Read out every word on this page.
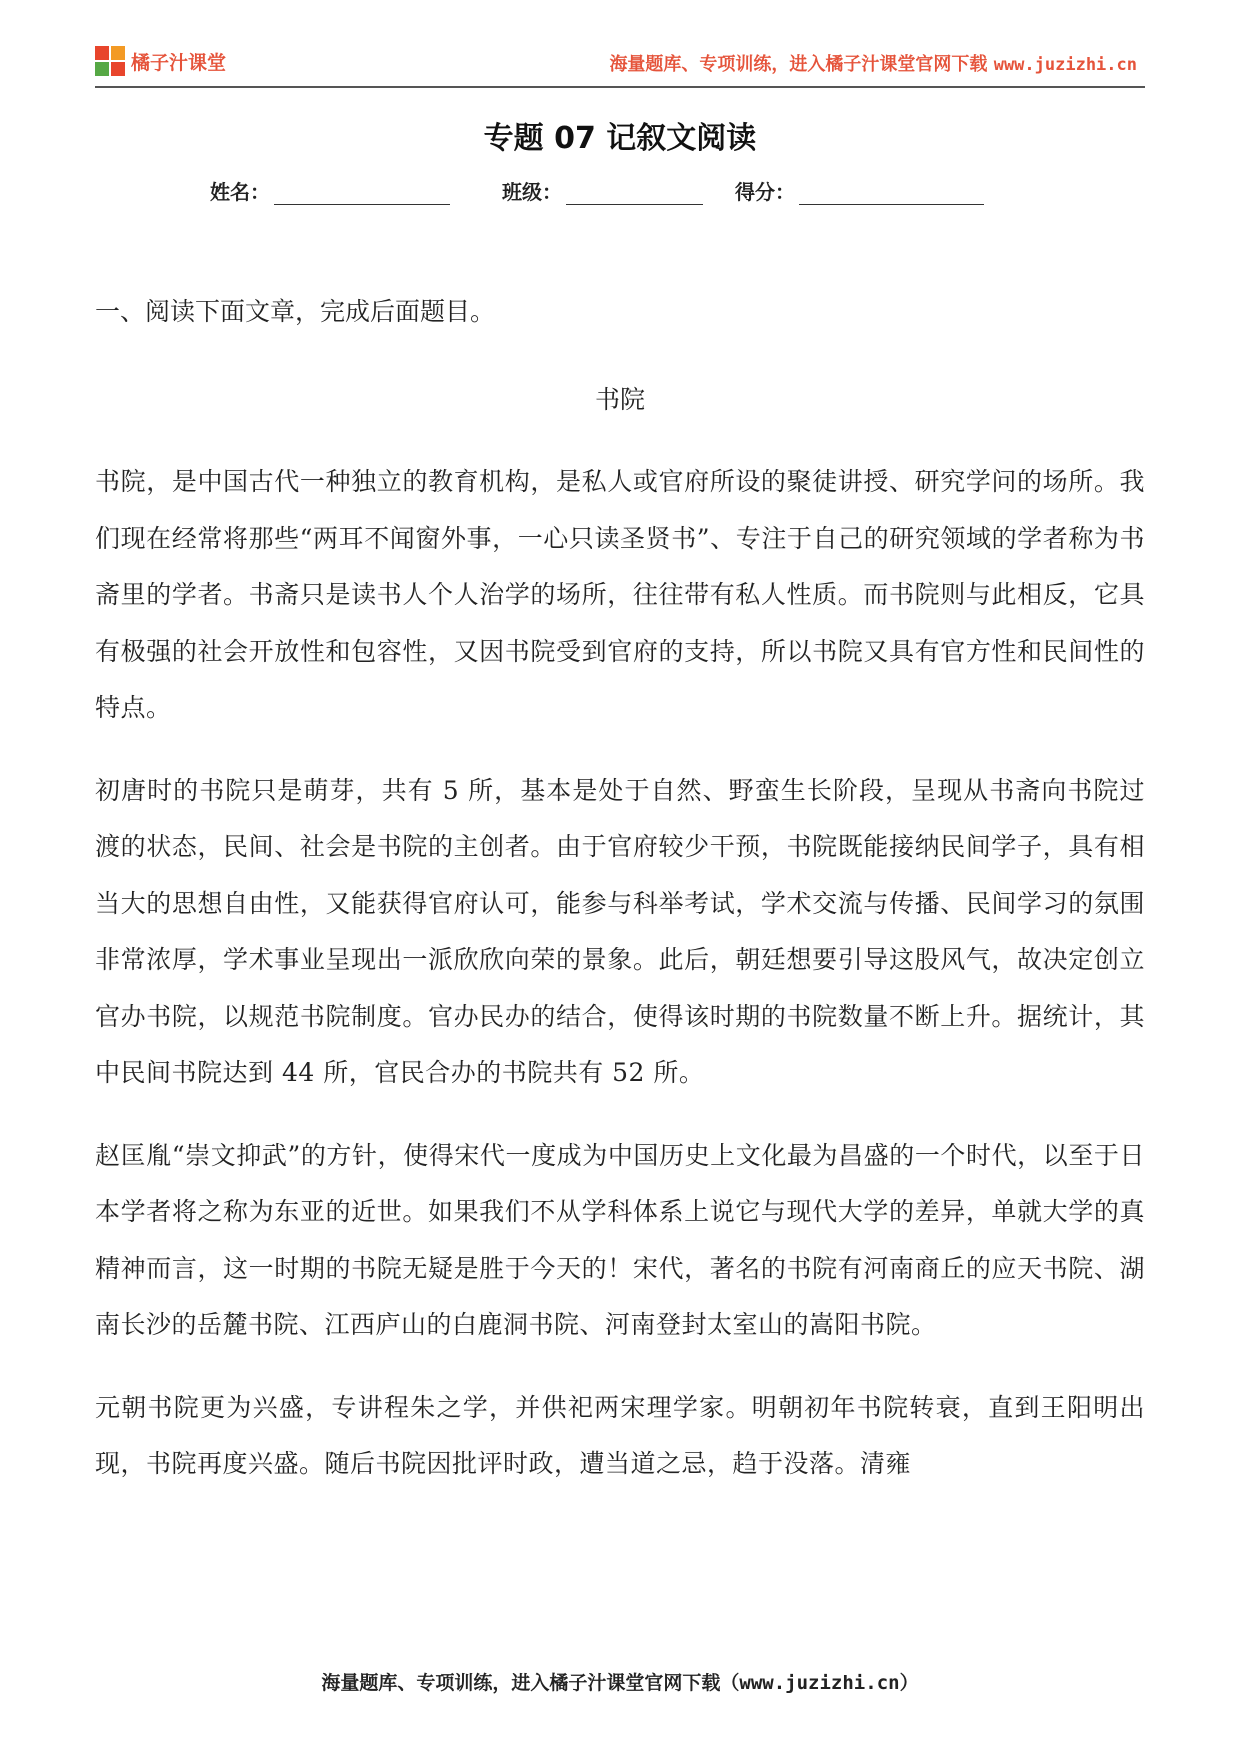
橘子汁课堂	海量题库、专项训练，进入橘子汁课堂官网下载 www.juzizhi.cn
专题 07 记叙文阅读
姓名：	班级：	得分：
一、阅读下面文章，完成后面题目。
书院

书院，是中国古代一种独立的教育机构，是私人或官府所设的聚徒讲授、研究学问的场所。我们现在经常将那些“两耳不闻窗外事，一心只读圣贤书”、专注于自己的研究领域的学者称为书斋里的学者。书斋只是读书人个人治学的场所，往往带有私人性质。而书院则与此相反，它具有极强的社会开放性和包容性，又因书院受到官府的支持，所以书院又具有官方性和民间性的特点。

初唐时的书院只是萌芽，共有 5 所，基本是处于自然、野蛮生长阶段，呈现从书斋向书院过渡的状态，民间、社会是书院的主创者。由于官府较少干预，书院既能接纳民间学子，具有相当大的思想自由性，又能获得官府认可，能参与科举考试，学术交流与传播、民间学习的氛围非常浓厚，学术事业呈现出一派欣欣向荣的景象。此后，朝廷想要引导这股风气，故决定创立官办书院，以规范书院制度。官办民办的结合，使得该时期的书院数量不断上升。据统计，其中民间书院达到 44 所，官民合办的书院共有 52 所。

赵匡胤“崇文抑武”的方针，使得宋代一度成为中国历史上文化最为昌盛的一个时代，以至于日本学者将之称为东亚的近世。如果我们不从学科体系上说它与现代大学的差异，单就大学的真精神而言，这一时期的书院无疑是胜于今天的！宋代，著名的书院有河南商丘的应天书院、湖南长沙的岳麓书院、江西庐山的白鹿洞书院、河南登封太室山的嵩阳书院。

元朝书院更为兴盛，专讲程朱之学，并供祀两宋理学家。明朝初年书院转衰，直到王阳明出现，书院再度兴盛。随后书院因批评时政，遭当道之忌，趋于没落。清雍

海量题库、专项训练，进入橘子汁课堂官网下载（www.juzizhi.cn）
